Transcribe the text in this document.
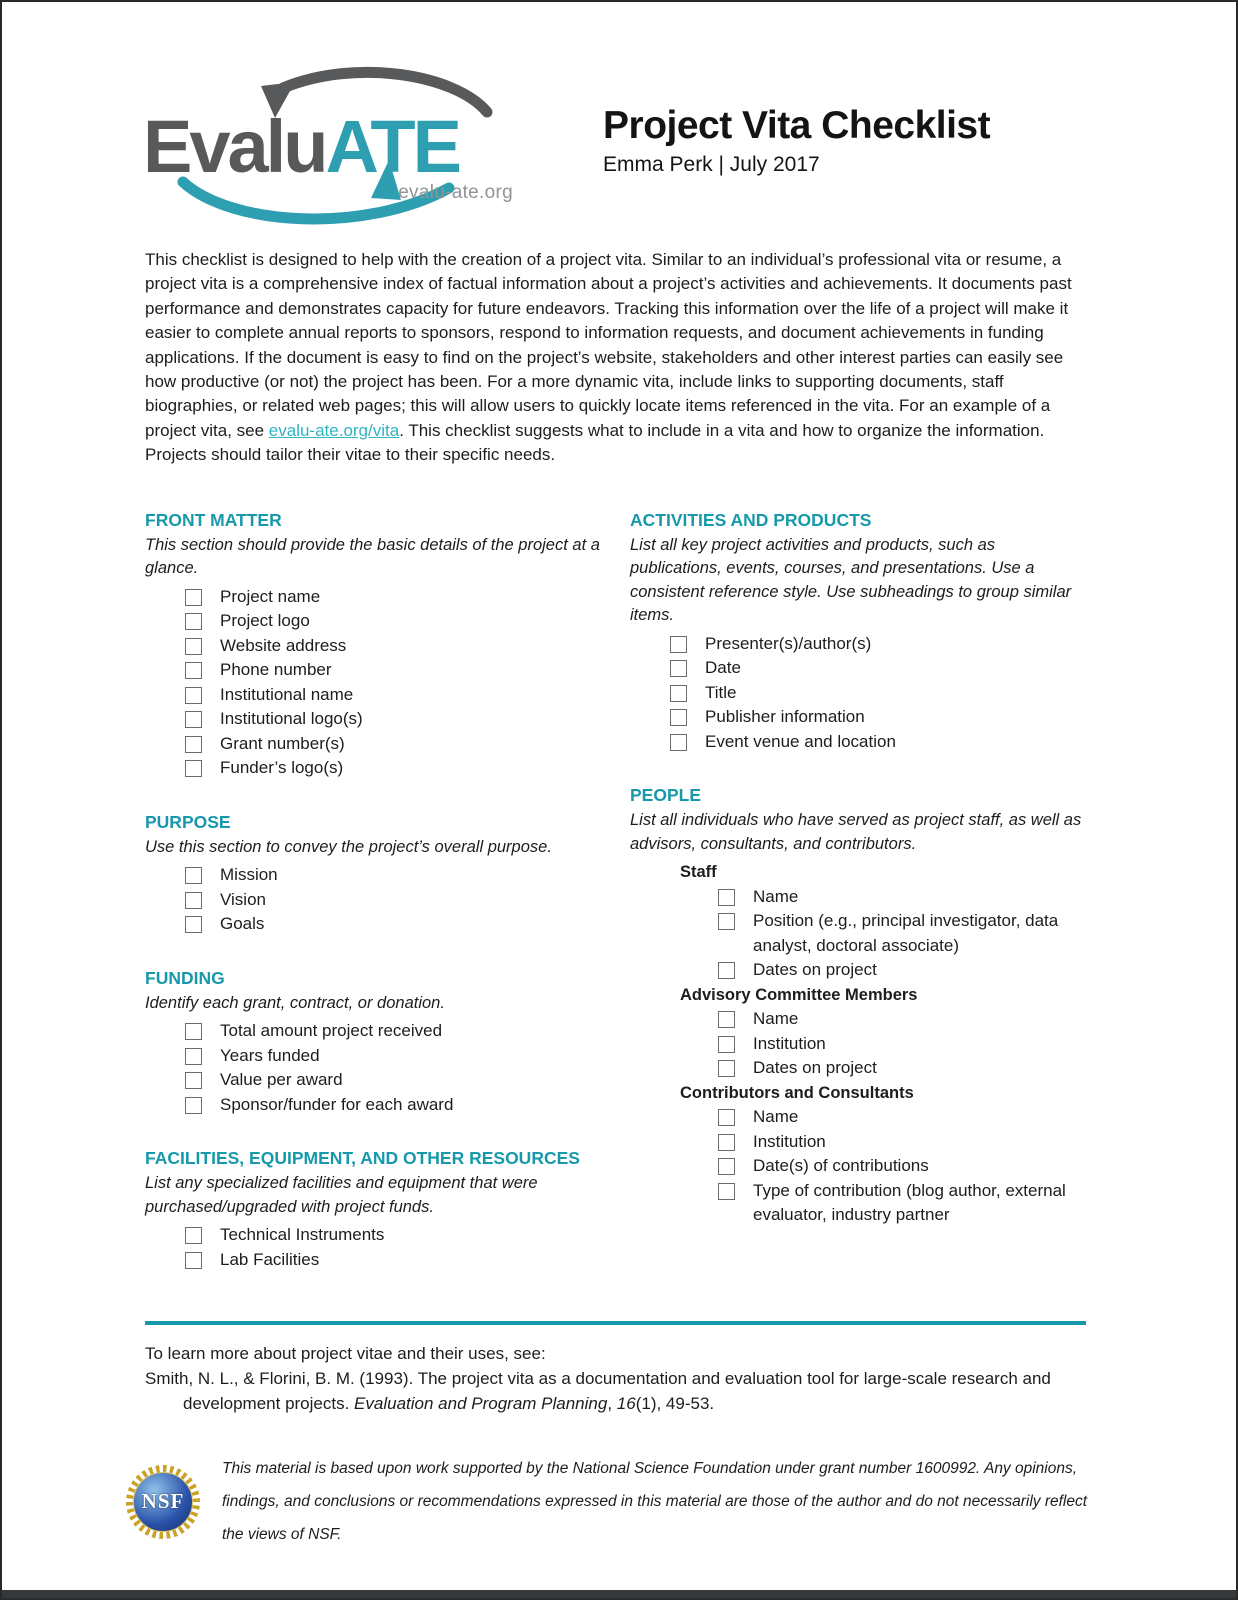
EvaluATE
evalu-ate.org
Project Vita Checklist
Emma Perk | July 2017

This checklist is designed to help with the creation of a project vita. Similar to an individual’s professional vita or resume, a project vita is a comprehensive index of factual information about a project’s activities and achievements. It documents past performance and demonstrates capacity for future endeavors. Tracking this information over the life of a project will make it easier to complete annual reports to sponsors, respond to information requests, and document achievements in funding applications. If the document is easy to find on the project’s website, stakeholders and other interest parties can easily see how productive (or not) the project has been. For a more dynamic vita, include links to supporting documents, staff biographies, or related web pages; this will allow users to quickly locate items referenced in the vita. For an example of a project vita, see evalu-ate.org/vita. This checklist suggests what to include in a vita and how to organize the information. Projects should tailor their vitae to their specific needs.

FRONT MATTER

This section should provide the basic details of the project at a glance.

Project name
Project logo
Website address
Phone number
Institutional name
Institutional logo(s)
Grant number(s)
Funder’s logo(s)
PURPOSE

Use this section to convey the project’s overall purpose.

Mission
Vision
Goals
FUNDING

Identify each grant, contract, or donation.

Total amount project received
Years funded
Value per award
Sponsor/funder for each award
FACILITIES, EQUIPMENT, AND OTHER RESOURCES

List any specialized facilities and equipment that were purchased/upgraded with project funds.

Technical Instruments
Lab Facilities
ACTIVITIES AND PRODUCTS

List all key project activities and products, such as publications, events, courses, and presentations. Use a consistent reference style. Use subheadings to group similar items.

Presenter(s)/author(s)
Date
Title
Publisher information
Event venue and location
PEOPLE

List all individuals who have served as project staff, as well as advisors, consultants, and contributors.

Staff
Name
Position (e.g., principal investigator, data analyst, doctoral associate)
Dates on project
Advisory Committee Members
Name
Institution
Dates on project
Contributors and Consultants
Name
Institution
Date(s) of contributions
Type of contribution (blog author, external evaluator, industry partner

To learn more about project vitae and their uses, see:

Smith, N. L., & Florini, B. M. (1993). The project vita as a documentation and evaluation tool for large-scale research and development projects. Evaluation and Program Planning, 16(1), 49-53.

NSF
This material is based upon work supported by the National Science Foundation under grant number 1600992. Any opinions, findings, and conclusions or recommendations expressed in this material are those of the author and do not necessarily reflect the views of NSF.
